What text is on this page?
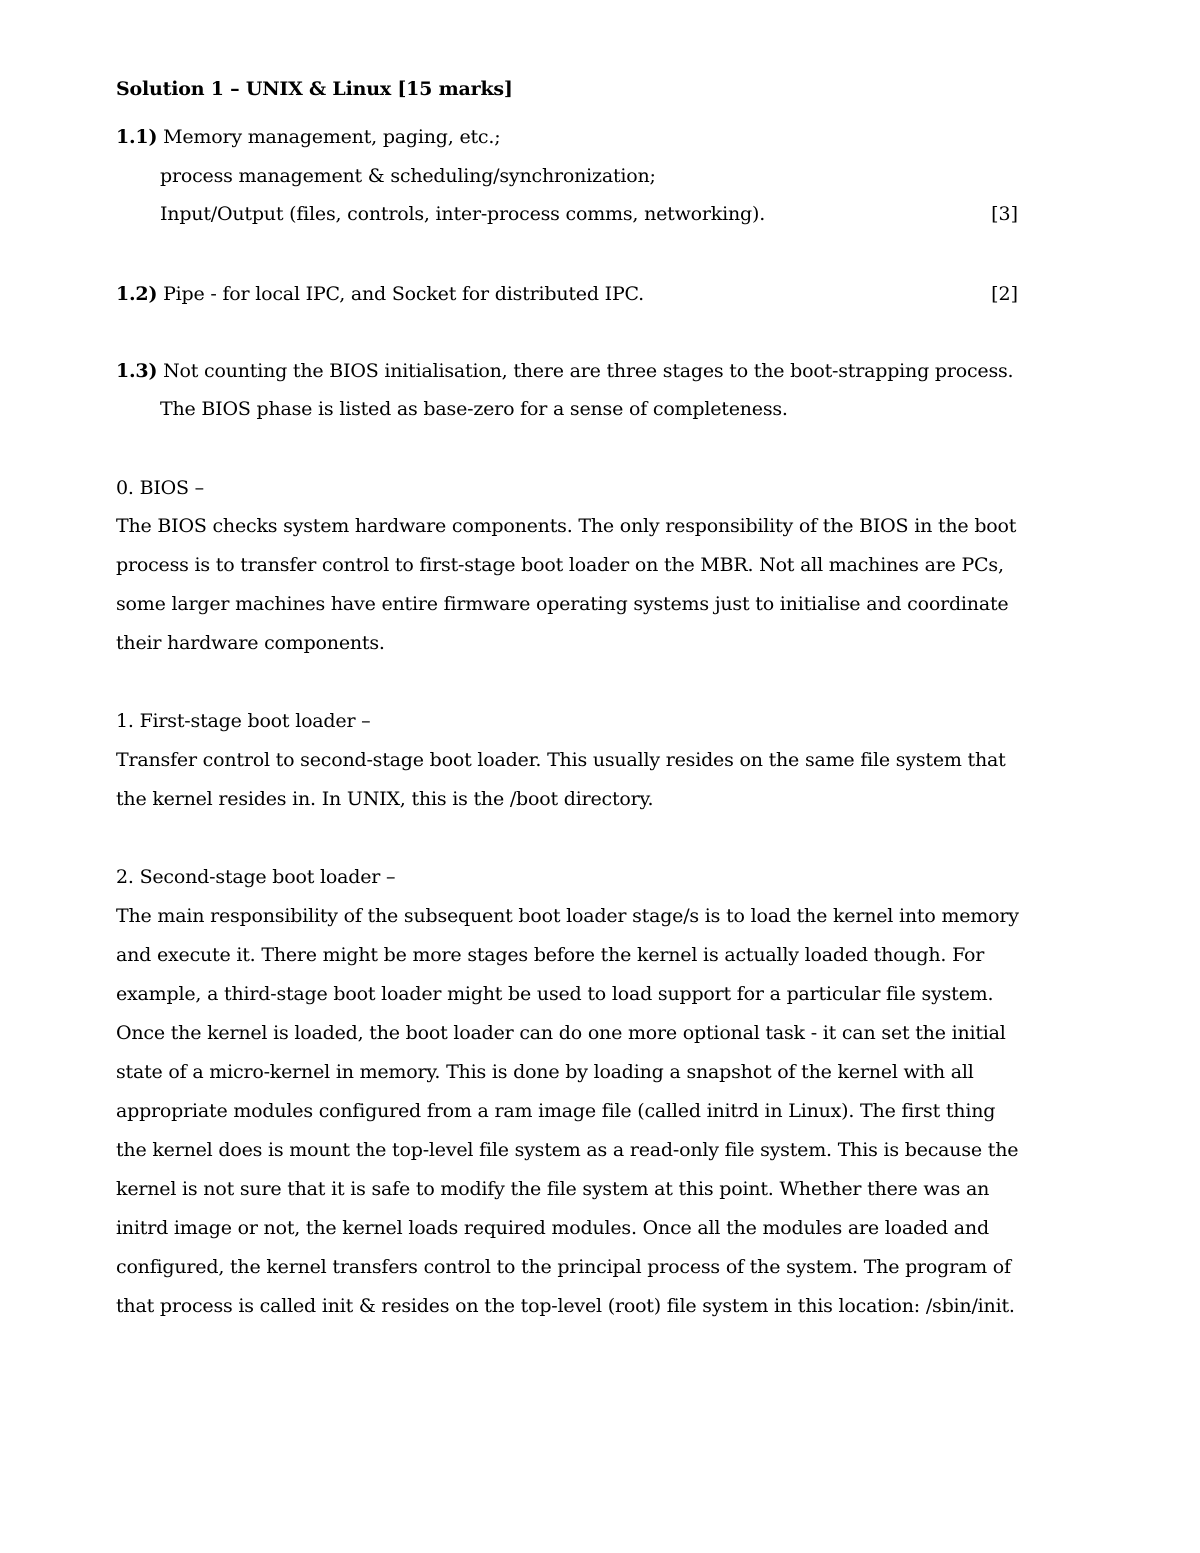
Solution 1 – UNIX & Linux [15 marks]
1.1) Memory management, paging, etc.;
process management & scheduling/synchronization;
Input/Output (files, controls, inter-process comms, networking).	[3]
1.2) Pipe - for local IPC, and Socket for distributed IPC.	[2]
1.3) Not counting the BIOS initialisation, there are three stages to the boot-strapping process.
The BIOS phase is listed as base-zero for a sense of completeness.
0. BIOS –
The BIOS checks system hardware components. The only responsibility of the BIOS in the boot
process is to transfer control to first-stage boot loader on the MBR. Not all machines are PCs,
some larger machines have entire firmware operating systems just to initialise and coordinate
their hardware components.
1. First-stage boot loader –
Transfer control to second-stage boot loader. This usually resides on the same file system that
the kernel resides in. In UNIX, this is the /boot directory.
2. Second-stage boot loader –
The main responsibility of the subsequent boot loader stage/s is to load the kernel into memory
and execute it. There might be more stages before the kernel is actually loaded though. For
example, a third-stage boot loader might be used to load support for a particular file system.
Once the kernel is loaded, the boot loader can do one more optional task - it can set the initial
state of a micro-kernel in memory. This is done by loading a snapshot of the kernel with all
appropriate modules configured from a ram image file (called initrd in Linux). The first thing
the kernel does is mount the top-level file system as a read-only file system. This is because the
kernel is not sure that it is safe to modify the file system at this point. Whether there was an
initrd image or not, the kernel loads required modules. Once all the modules are loaded and
configured, the kernel transfers control to the principal process of the system. The program of
that process is called init & resides on the top-level (root) file system in this location: /sbin/init.
